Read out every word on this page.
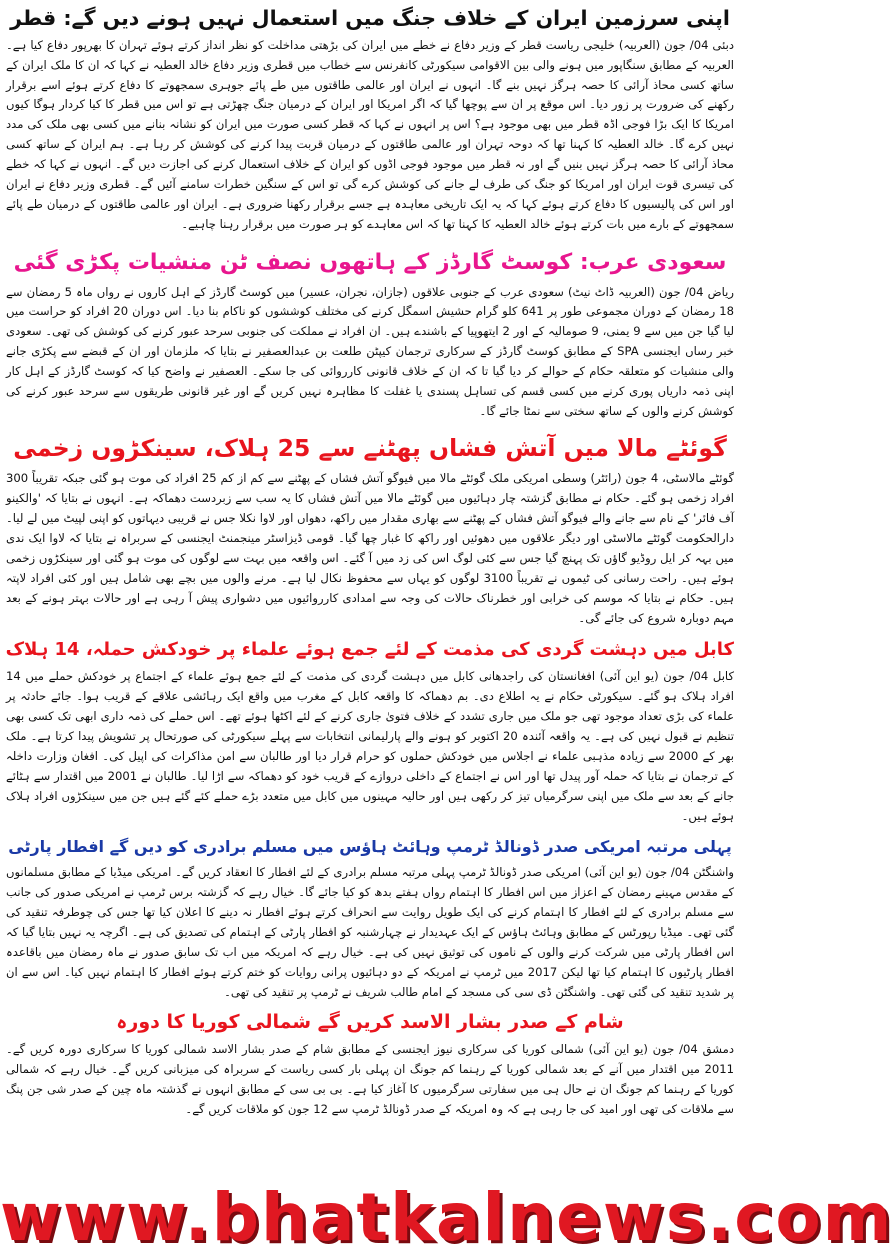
اپنی سرزمین ایران کے خلاف جنگ میں استعمال نہیں ہونے دیں گے: قطر

دبئی 04/ جون (العربیہ) خلیجی ریاست قطر کے وزیر دفاع نے خطے میں ایران کی بڑھتی مداخلت کو نظر انداز کرتے ہوئے تہران کا بھرپور دفاع کیا ہے۔ العربیہ کے مطابق سنگاپور میں ہونے والی بین الاقوامی سیکورٹی کانفرنس سے خطاب میں قطری وزیر دفاع خالد العطیہ نے کہا کہ ان کا ملک ایران کے ساتھ کسی محاذ آرائی کا حصہ ہرگز نہیں بنے گا۔ انہوں نے ایران اور عالمی طاقتوں میں طے پائے جوہری سمجھوتے کا دفاع کرتے ہوئے اسے برقرار رکھنے کی ضرورت پر زور دیا۔ اس موقع پر ان سے پوچھا گیا کہ اگر امریکا اور ایران کے درمیان جنگ چھڑتی ہے تو اس میں قطر کا کیا کردار ہوگا کیوں امریکا کا ایک بڑا فوجی اڈہ قطر میں بھی موجود ہے؟ اس پر انہوں نے کہا کہ قطر کسی صورت میں ایران کو نشانہ بنانے میں کسی بھی ملک کی مدد نہیں کرے گا۔ خالد العطیہ کا کہنا تھا کہ دوحہ تہران اور عالمی طاقتوں کے درمیان قربت پیدا کرنے کی کوشش کر رہا ہے۔ ہم ایران کے ساتھ کسی محاذ آرائی کا حصہ ہرگز نہیں بنیں گے اور نہ قطر میں موجود فوجی اڈوں کو ایران کے خلاف استعمال کرنے کی اجازت دیں گے۔ انہوں نے کہا کہ خطے کی تیسری قوت ایران اور امریکا کو جنگ کی طرف لے جانے کی کوشش کرے گی تو اس کے سنگین خطرات سامنے آئیں گے۔ قطری وزیر دفاع نے ایران اور اس کی پالیسیوں کا دفاع کرتے ہوئے کہا کہ یہ ایک تاریخی معاہدہ ہے جسے برقرار رکھنا ضروری ہے۔ ایران اور عالمی طاقتوں کے درمیان طے پائے سمجھوتے کے بارے میں بات کرتے ہوئے خالد العطیہ کا کہنا تھا کہ اس معاہدے کو ہر صورت میں برقرار رہنا چاہیے۔

سعودی عرب: کوسٹ گارڈز کے ہاتھوں نصف ٹن منشیات پکڑی گئی

ریاض 04/ جون (العربیہ ڈاٹ نیٹ) سعودی عرب کے جنوبی علاقوں (جازان، نجران، عسیر) میں کوسٹ گارڈز کے اہل کاروں نے رواں ماہ 5 رمضان سے 18 رمضان کے دوران مجموعی طور پر 641 کلو گرام حشیش اسمگل کرنے کی مختلف کوششوں کو ناکام بنا دیا۔ اس دوران 20 افراد کو حراست میں لیا گیا جن میں سے 9 یمنی، 9 صومالیہ کے اور 2 ایتھوپیا کے باشندے ہیں۔ ان افراد نے مملکت کی جنوبی سرحد عبور کرنے کی کوشش کی تھی۔ سعودی خبر رساں ایجنسی SPA کے مطابق کوسٹ گارڈز کے سرکاری ترجمان کیپٹن طلعت بن عبدالعصفیر نے بتایا کہ ملزمان اور ان کے قبضے سے پکڑی جانے والی منشیات کو متعلقہ حکام کے حوالے کر دیا گیا تا کہ ان کے خلاف قانونی کارروائی کی جا سکے۔ العصفیر نے واضح کیا کہ کوسٹ گارڈز کے اہل کار اپنی ذمہ داریاں پوری کرنے میں کسی قسم کی تساہل پسندی یا غفلت کا مظاہرہ نہیں کریں گے اور غیر قانونی طریقوں سے سرحد عبور کرنے کی کوشش کرنے والوں کے ساتھ سختی سے نمٹا جائے گا۔

گوئٹے مالا میں آتش فشاں پھٹنے سے 25 ہلاک، سینکڑوں زخمی

گوئٹے مالاسٹی، 4 جون (رائٹر) وسطی امریکی ملک گوئٹے مالا میں فیوگو آتش فشاں کے پھٹنے سے کم از کم 25 افراد کی موت ہو گئی جبکہ تقریباً 300 افراد زخمی ہو گئے۔ حکام نے مطابق گزشتہ چار دہائیوں میں گوئٹے مالا میں آتش فشاں کا یہ سب سے زبردست دھماکہ ہے۔ انہوں نے بتایا کہ 'والکینو آف فائر' کے نام سے جانے والے فیوگو آتش فشاں کے پھٹنے سے بھاری مقدار میں راکھ، دھواں اور لاوا نکلا جس نے قریبی دیہاتوں کو اپنی لپیٹ میں لے لیا۔ دارالحکومت گوئٹے مالاسٹی اور دیگر علاقوں میں دھوئیں اور راکھ کا غبار چھا گیا۔ قومی ڈیزاسٹر مینجمنٹ ایجنسی کے سربراہ نے بتایا کہ لاوا ایک ندی میں بہہ کر ایل روڈیو گاؤں تک پہنچ گیا جس سے کئی لوگ اس کی زد میں آ گئے۔ اس واقعہ میں بہت سے لوگوں کی موت ہو گئی اور سینکڑوں زخمی ہوئے ہیں۔ راحت رسانی کی ٹیموں نے تقریباً 3100 لوگوں کو یہاں سے محفوظ نکال لیا ہے۔ مرنے والوں میں بچے بھی شامل ہیں اور کئی افراد لاپتہ ہیں۔ حکام نے بتایا کہ موسم کی خرابی اور خطرناک حالات کی وجہ سے امدادی کارروائیوں میں دشواری پیش آ رہی ہے اور حالات بہتر ہونے کے بعد مہم دوبارہ شروع کی جائے گی۔

کابل میں دہشت گردی کی مذمت کے لئے جمع ہوئے علماء پر خودکش حملہ، 14 ہلاک

کابل 04/ جون (یو این آئی) افغانستان کی راجدھانی کابل میں دہشت گردی کی مذمت کے لئے جمع ہوئے علماء کے اجتماع پر خودکش حملے میں 14 افراد ہلاک ہو گئے۔ سیکورٹی حکام نے یہ اطلاع دی۔ بم دھماکہ کا واقعہ کابل کے مغرب میں واقع ایک رہائشی علاقے کے قریب ہوا۔ جائے حادثہ پر علماء کی بڑی تعداد موجود تھی جو ملک میں جاری تشدد کے خلاف فتویٰ جاری کرنے کے لئے اکٹھا ہوئے تھے۔ اس حملے کی ذمہ داری ابھی تک کسی بھی تنظیم نے قبول نہیں کی ہے۔ یہ واقعہ آئندہ 20 اکتوبر کو ہونے والے پارلیمانی انتخابات سے پہلے سیکورٹی کی صورتحال پر تشویش پیدا کرتا ہے۔ ملک بھر کے 2000 سے زیادہ مذہبی علماء نے اجلاس میں خودکش حملوں کو حرام قرار دیا اور طالبان سے امن مذاکرات کی اپیل کی۔ افغان وزارت داخلہ کے ترجمان نے بتایا کہ حملہ آور پیدل تھا اور اس نے اجتماع کے داخلی دروازے کے قریب خود کو دھماکہ سے اڑا لیا۔ طالبان نے 2001 میں اقتدار سے ہٹائے جانے کے بعد سے ملک میں اپنی سرگرمیاں تیز کر رکھی ہیں اور حالیہ مہینوں میں کابل میں متعدد بڑے حملے کئے گئے ہیں جن میں سینکڑوں افراد ہلاک ہوئے ہیں۔

پہلی مرتبہ امریکی صدر ڈونالڈ ٹرمپ وہائٹ ہاؤس میں مسلم برادری کو دیں گے افطار پارٹی

واشنگٹن 04/ جون (یو این آئی) امریکی صدر ڈونالڈ ٹرمپ پہلی مرتبہ مسلم برادری کے لئے افطار کا انعقاد کریں گے۔ امریکی میڈیا کے مطابق مسلمانوں کے مقدس مہینے رمضان کے اعزاز میں اس افطار کا اہتمام رواں ہفتے بدھ کو کیا جائے گا۔ خیال رہے کہ گزشتہ برس ٹرمپ نے امریکی صدور کی جانب سے مسلم برادری کے لئے افطار کا اہتمام کرنے کی ایک طویل روایت سے انحراف کرتے ہوئے افطار نہ دینے کا اعلان کیا تھا جس کی چوطرفہ تنقید کی گئی تھی۔ میڈیا رپورٹس کے مطابق وہائٹ ہاؤس کے ایک عہدیدار نے چہارشنبہ کو افطار پارٹی کے اہتمام کی تصدیق کی ہے۔ اگرچہ یہ نہیں بتایا گیا کہ اس افطار پارٹی میں شرکت کرنے والوں کے ناموں کی توثیق نہیں کی ہے۔ خیال رہے کہ امریکہ میں اب تک سابق صدور نے ماہ رمضان میں باقاعدہ افطار پارٹیوں کا اہتمام کیا تھا لیکن 2017 میں ٹرمپ نے امریکہ کے دو دہائیوں پرانی روایات کو ختم کرتے ہوئے افطار کا اہتمام نہیں کیا۔ اس سے ان پر شدید تنقید کی گئی تھی۔ واشنگٹن ڈی سی کی مسجد کے امام طالب شریف نے ٹرمپ پر تنقید کی تھی۔

شام کے صدر بشار الاسد کریں گے شمالی کوریا کا دورہ

دمشق 04/ جون (یو این آئی) شمالی کوریا کی سرکاری نیوز ایجنسی کے مطابق شام کے صدر بشار الاسد شمالی کوریا کا سرکاری دورہ کریں گے۔ 2011 میں اقتدار میں آنے کے بعد شمالی کوریا کے رہنما کم جونگ ان پہلی بار کسی ریاست کے سربراہ کی میزبانی کریں گے۔ خیال رہے کہ شمالی کوریا کے رہنما کم جونگ ان نے حال ہی میں سفارتی سرگرمیوں کا آغاز کیا ہے۔ بی بی سی کے مطابق انہوں نے گذشتہ ماہ چین کے صدر شی جن پنگ سے ملاقات کی تھی اور امید کی جا رہی ہے کہ وہ امریکہ کے صدر ڈونالڈ ٹرمپ سے 12 جون کو ملاقات کریں گے۔

www.bhatkalnews.com
